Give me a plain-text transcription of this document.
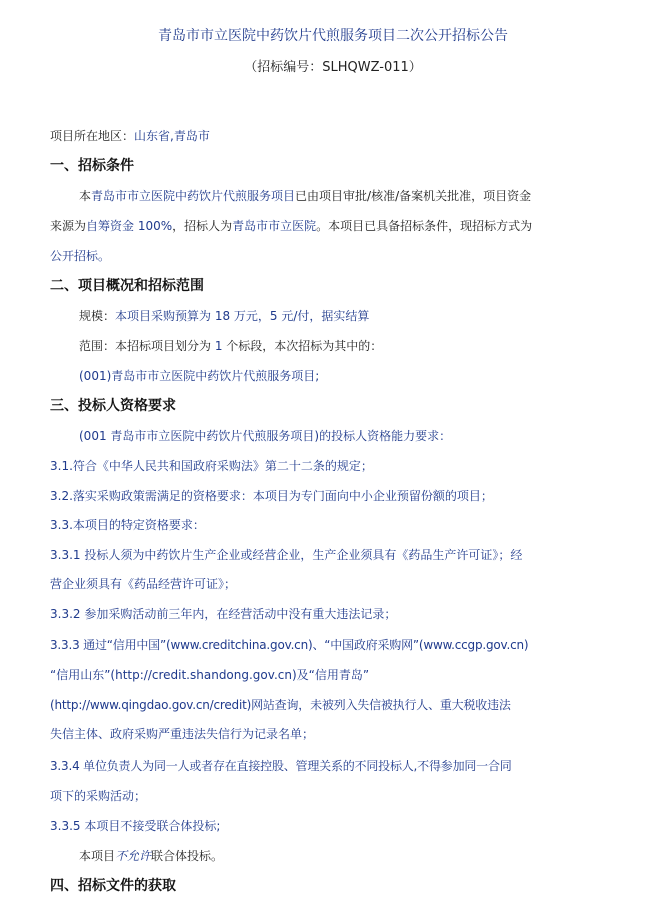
青岛市市立医院中药饮片代煎服务项目二次公开招标公告
（招标编号：SLHQWZ-011）
项目所在地区：山东省,青岛市
一、招标条件
本青岛市市立医院中药饮片代煎服务项目已由项目审批/核准/备案机关批准，项目资金
来源为自筹资金 100%，招标人为青岛市市立医院。本项目已具备招标条件，现招标方式为
公开招标。
二、项目概况和招标范围
规模：本项目采购预算为 18 万元，5 元/付，据实结算
范围：本招标项目划分为 1 个标段，本次招标为其中的：
(001)青岛市市立医院中药饮片代煎服务项目;
三、投标人资格要求
(001 青岛市市立医院中药饮片代煎服务项目)的投标人资格能力要求：
3.1.符合《中华人民共和国政府采购法》第二十二条的规定；
3.2.落实采购政策需满足的资格要求：本项目为专门面向中小企业预留份额的项目；
3.3.本项目的特定资格要求：
3.3.1 投标人须为中药饮片生产企业或经营企业，生产企业须具有《药品生产许可证》；经
营企业须具有《药品经营许可证》；
3.3.2 参加采购活动前三年内，在经营活动中没有重大违法记录；
3.3.3 通过“信用中国”(www.creditchina.gov.cn)、“中国政府采购网”(www.ccgp.gov.cn)
“信用山东”(http://credit.shandong.gov.cn)及“信用青岛”
(http://www.qingdao.gov.cn/credit)网站查询，未被列入失信被执行人、重大税收违法
失信主体、政府采购严重违法失信行为记录名单；
3.3.4 单位负责人为同一人或者存在直接控股、管理关系的不同投标人,不得参加同一合同
项下的采购活动；
3.3.5 本项目不接受联合体投标;
本项目不允许联合体投标。
四、招标文件的获取
